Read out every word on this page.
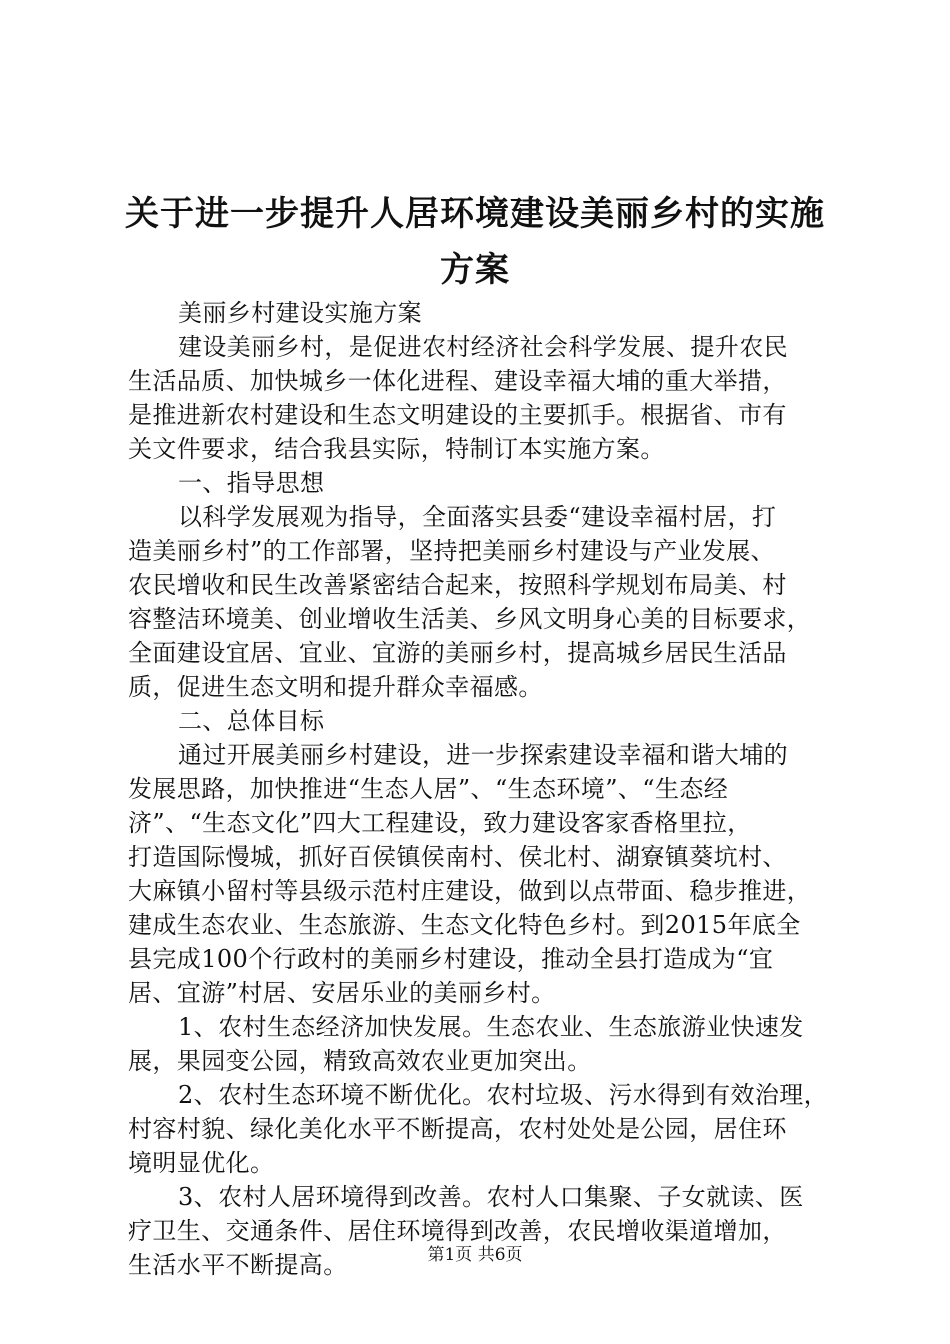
关于进一步提升人居环境建设美丽乡村的实施
方案
美丽乡村建设实施方案
建设美丽乡村，是促进农村经济社会科学发展、提升农民
生活品质、加快城乡一体化进程、建设幸福大埔的重大举措，
是推进新农村建设和生态文明建设的主要抓手。根据省、市有
关文件要求，结合我县实际，特制订本实施方案。
一、指导思想
以科学发展观为指导，全面落实县委“建设幸福村居，打
造美丽乡村”的工作部署，坚持把美丽乡村建设与产业发展、
农民增收和民生改善紧密结合起来，按照科学规划布局美、村
容整洁环境美、创业增收生活美、乡风文明身心美的目标要求，
全面建设宜居、宜业、宜游的美丽乡村，提高城乡居民生活品
质，促进生态文明和提升群众幸福感。
二、总体目标
通过开展美丽乡村建设，进一步探索建设幸福和谐大埔的
发展思路，加快推进“生态人居”、“生态环境”、“生态经
济”、“生态文化”四大工程建设，致力建设客家香格里拉，
打造国际慢城，抓好百侯镇侯南村、侯北村、湖寮镇葵坑村、
大麻镇小留村等县级示范村庄建设，做到以点带面、稳步推进，
建成生态农业、生态旅游、生态文化特色乡村。到2015年底全
县完成100个行政村的美丽乡村建设，推动全县打造成为“宜
居、宜游”村居、安居乐业的美丽乡村。
1、农村生态经济加快发展。生态农业、生态旅游业快速发
展，果园变公园，精致高效农业更加突出。
2、农村生态环境不断优化。农村垃圾、污水得到有效治理，
村容村貌、绿化美化水平不断提高，农村处处是公园，居住环
境明显优化。
3、农村人居环境得到改善。农村人口集聚、子女就读、医
疗卫生、交通条件、居住环境得到改善，农民增收渠道增加，
生活水平不断提高。	第1页 共6页
